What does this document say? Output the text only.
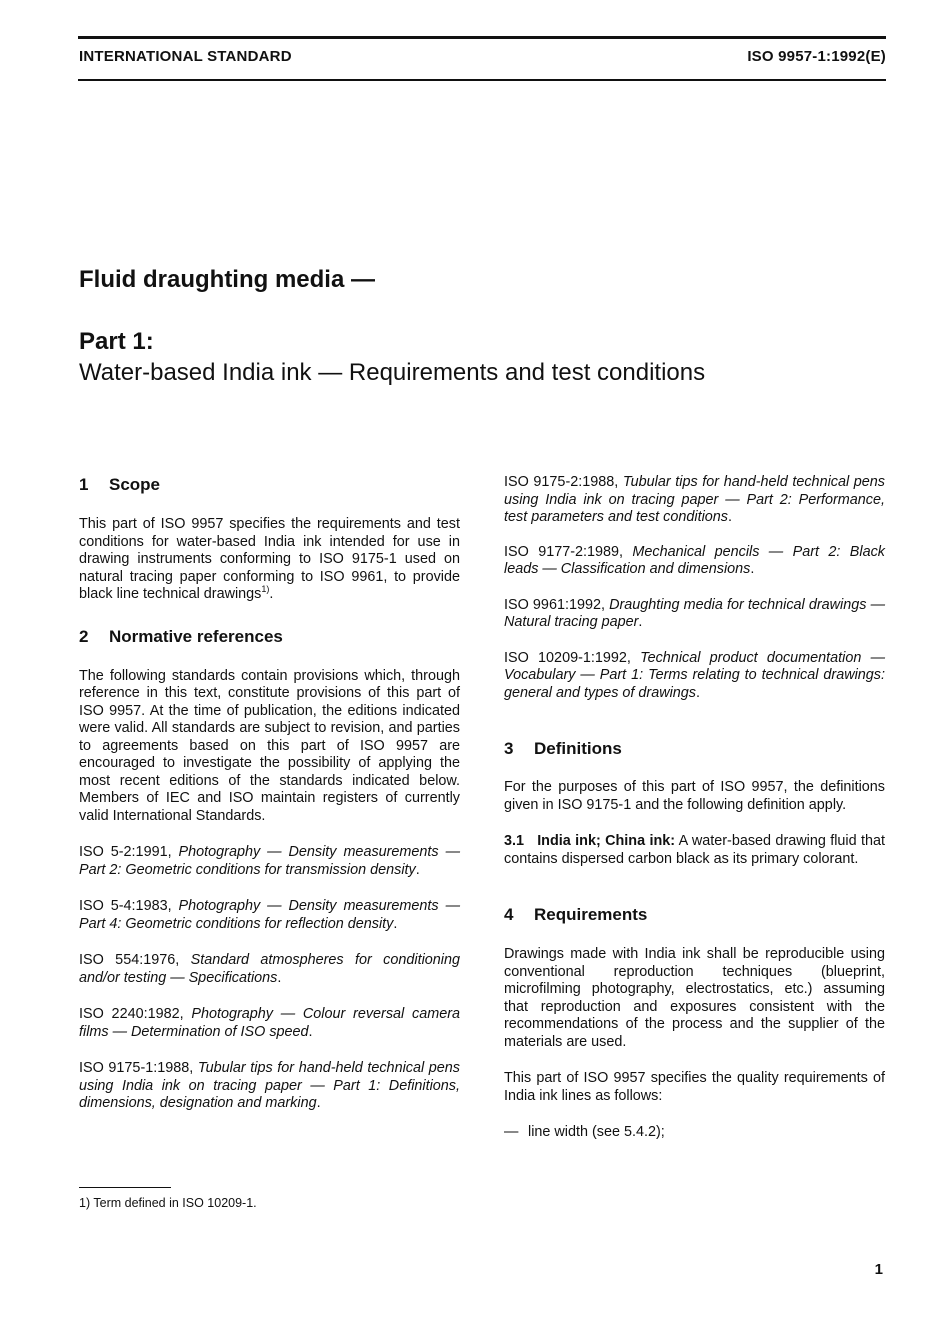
INTERNATIONAL STANDARD	ISO 9957-1:1992(E)
Fluid draughting media —
Part 1:
Water-based India ink — Requirements and test conditions
1 Scope

This part of ISO 9957 specifies the requirements and test conditions for water-based India ink intended for use in drawing instruments conforming to ISO 9175-1 used on natural tracing paper conforming to ISO 9961, to provide black line technical drawings$^{1)}$.

2 Normative references

The following standards contain provisions which, through reference in this text, constitute provisions of this part of ISO 9957. At the time of publication, the editions indicated were valid. All standards are subject to revision, and parties to agreements based on this part of ISO 9957 are encouraged to investigate the possibility of applying the most recent editions of the standards indicated below. Members of IEC and ISO maintain registers of currently valid International Standards.

ISO 5-2:1991, Photography — Density measurements — Part 2: Geometric conditions for transmission density.

ISO 5-4:1983, Photography — Density measurements — Part 4: Geometric conditions for reflection density.

ISO 554:1976, Standard atmospheres for conditioning and/or testing — Specifications.

ISO 2240:1982, Photography — Colour reversal camera films — Determination of ISO speed.

ISO 9175-1:1988, Tubular tips for hand-held technical pens using India ink on tracing paper — Part 1: Definitions, dimensions, designation and marking.

ISO 9175-2:1988, Tubular tips for hand-held technical pens using India ink on tracing paper — Part 2: Performance, test parameters and test conditions.

ISO 9177-2:1989, Mechanical pencils — Part 2: Black leads — Classification and dimensions.

ISO 9961:1992, Draughting media for technical drawings — Natural tracing paper.

ISO 10209-1:1992, Technical product documentation — Vocabulary — Part 1: Terms relating to technical drawings: general and types of drawings.

3 Definitions

For the purposes of this part of ISO 9957, the definitions given in ISO 9175-1 and the following definition apply.

3.1 India ink; China ink: A water-based drawing fluid that contains dispersed carbon black as its primary colorant.

4 Requirements

Drawings made with India ink shall be reproducible using conventional reproduction techniques (blueprint, microfilming photography, electrostatics, etc.) assuming that reproduction and exposures consistent with the recommendations of the process and the supplier of the materials are used.

This part of ISO 9957 specifies the quality requirements of India ink lines as follows:

— line width (see 5.4.2);

1) Term defined in ISO 10209-1.
1
